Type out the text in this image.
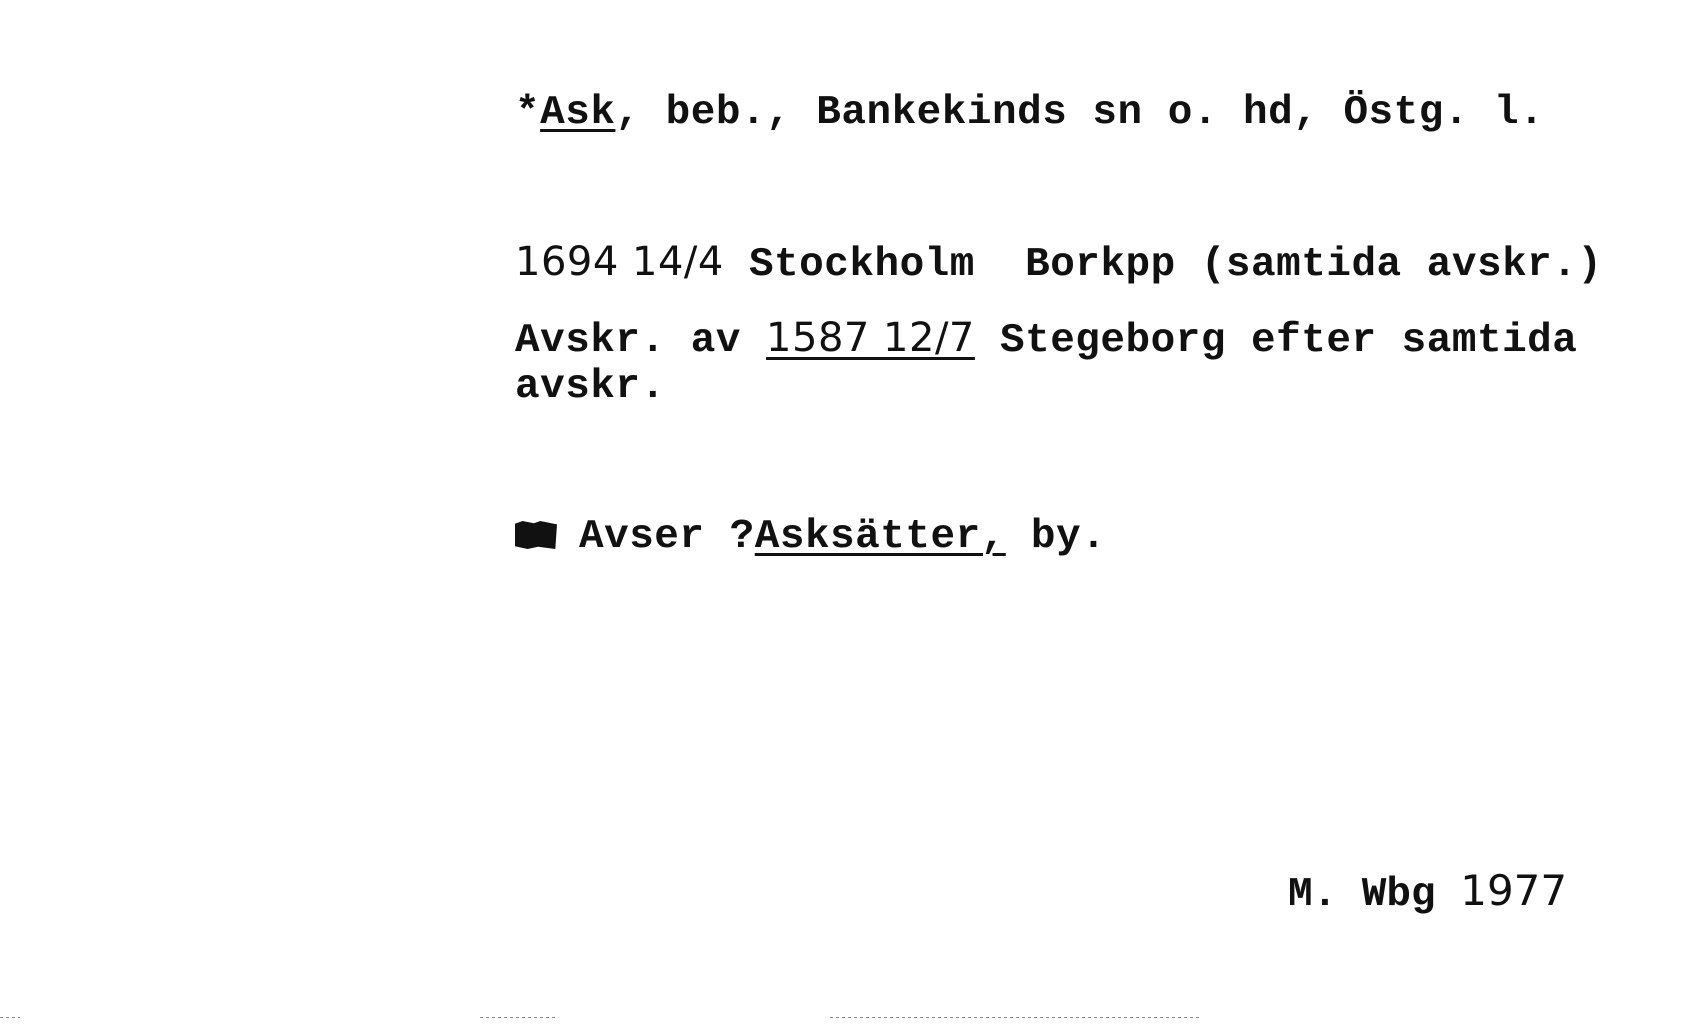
*Ask, beb., Bankekinds sn o. hd, Östg. l.
1694 14/4 Stockholm  Borkpp (samtida avskr.)
Avskr. av 1587 12/7 Stegeborg efter samtida
avskr.
Avser ?Asksätter, by.
M. Wbg 1977
